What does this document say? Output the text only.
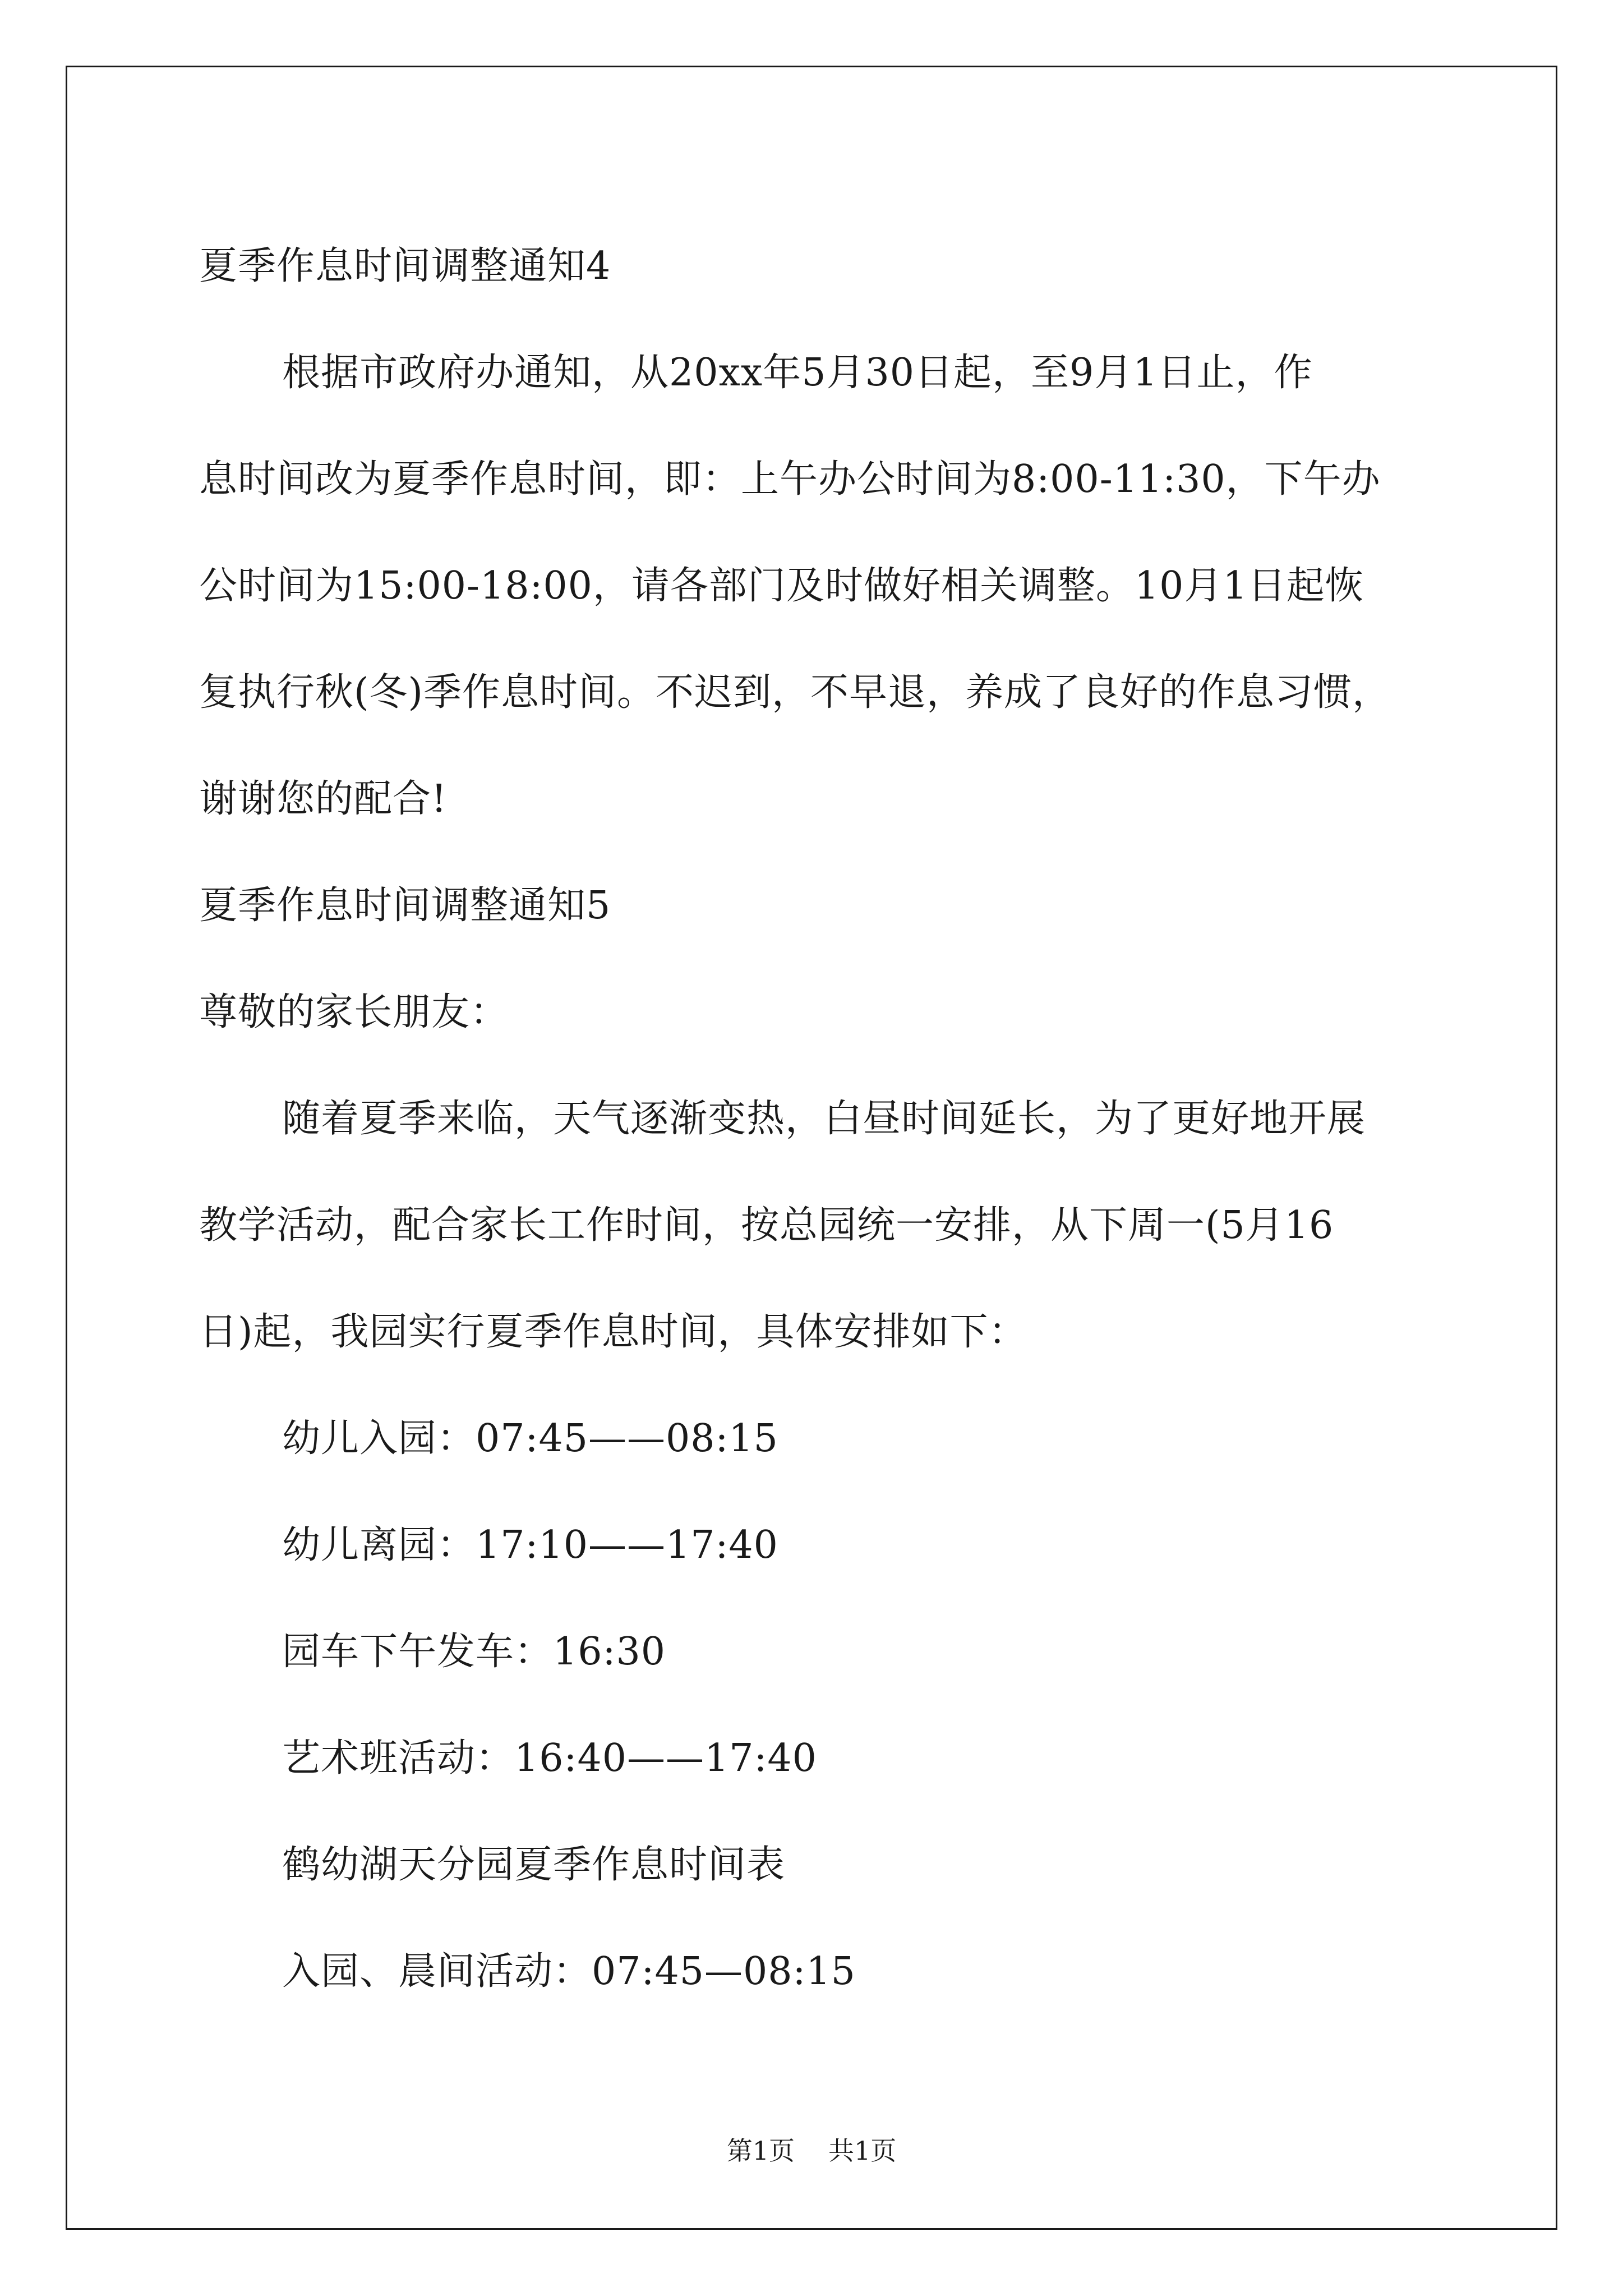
夏季作息时间调整通知4

根据市政府办通知，从20xx年5月30日起，至9月1日止，作

息时间改为夏季作息时间，即：上午办公时间为8:00-11:30，下午办

公时间为15:00-18:00，请各部门及时做好相关调整。10月1日起恢

复执行秋(冬)季作息时间。不迟到，不早退，养成了良好的作息习惯，

谢谢您的配合!

夏季作息时间调整通知5

尊敬的家长朋友：

随着夏季来临，天气逐渐变热，白昼时间延长，为了更好地开展

教学活动，配合家长工作时间，按总园统一安排，从下周一(5月16

日)起，我园实行夏季作息时间，具体安排如下：

幼儿入园：07:45——08:15

幼儿离园：17:10——17:40

园车下午发车：16:30

艺术班活动：16:40——17:40

鹤幼湖天分园夏季作息时间表

入园、晨间活动：07:45—08:15

第1页 共1页
